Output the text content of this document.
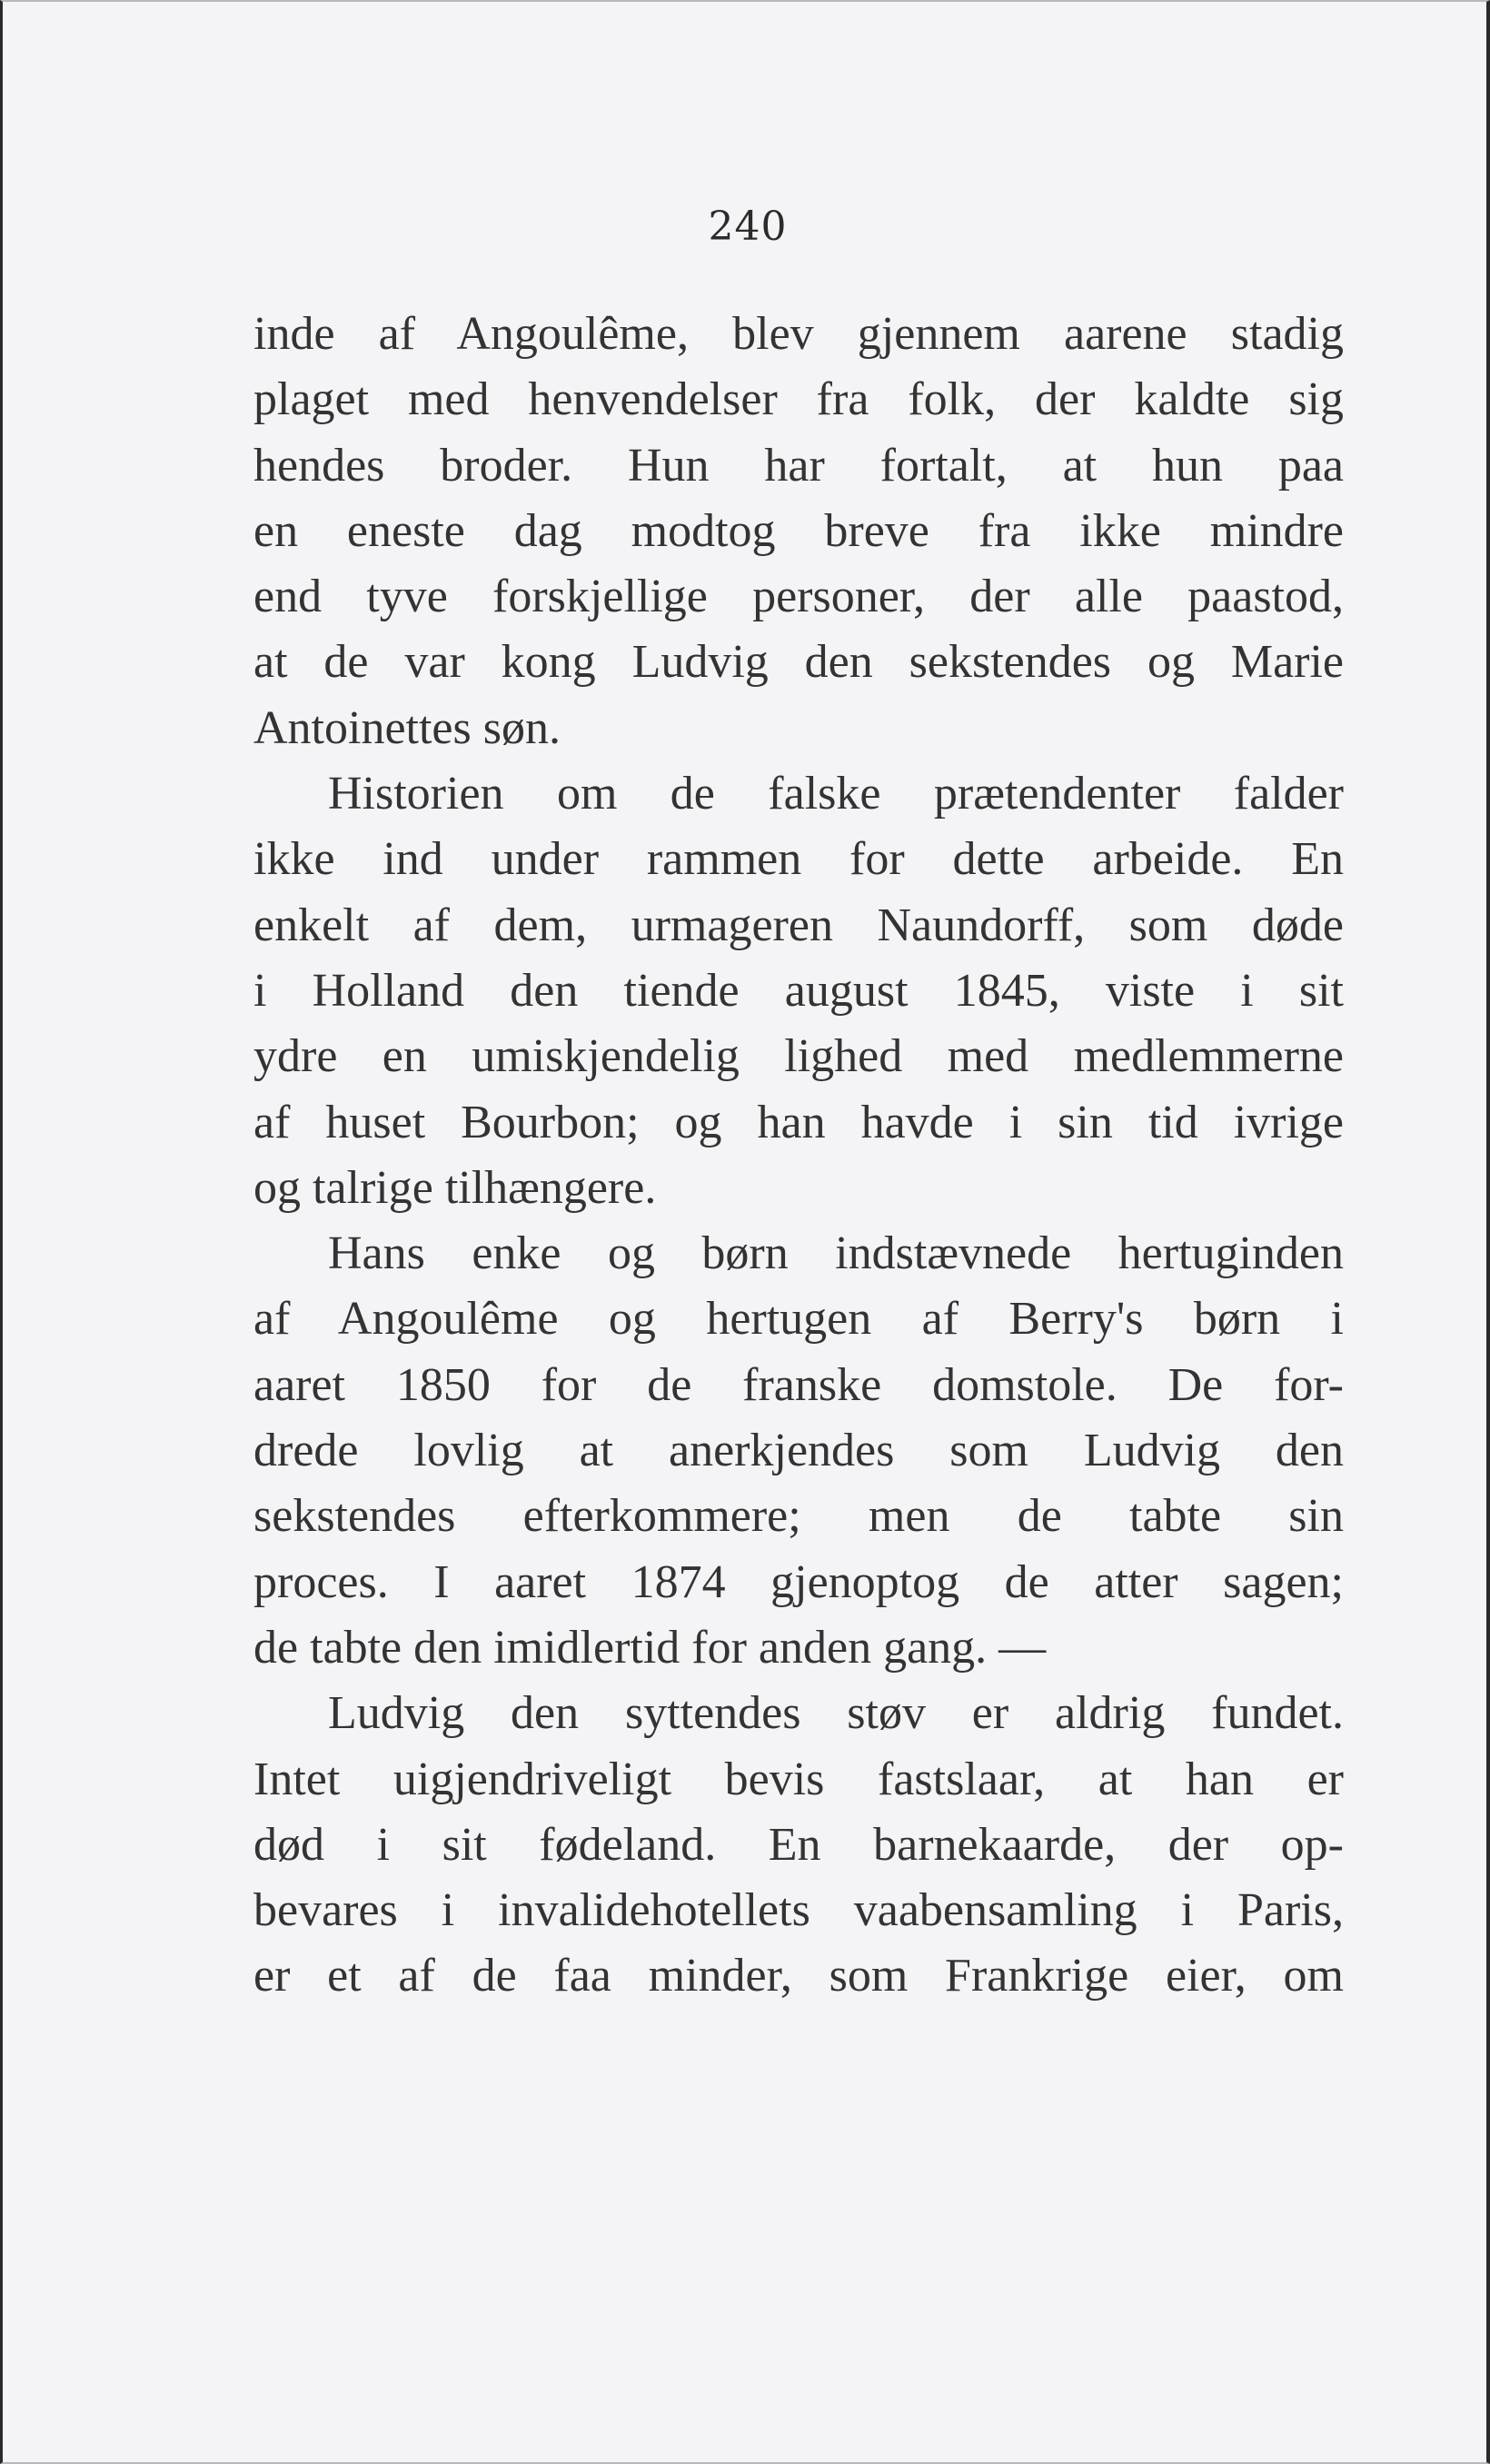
240

inde af Angoulême, blev gjennem aarene stadig
plaget med henvendelser fra folk, der kaldte sig
hendes broder. Hun har fortalt, at hun paa
en eneste dag modtog breve fra ikke mindre
end tyve forskjellige personer, der alle paastod,
at de var kong Ludvig den sekstendes og Marie
Antoinettes søn.

Historien om de falske prætendenter falder
ikke ind under rammen for dette arbeide. En
enkelt af dem, urmageren Naundorff, som døde
i Holland den tiende august 1845, viste i sit
ydre en umiskjendelig lighed med medlemmerne
af huset Bourbon; og han havde i sin tid ivrige
og talrige tilhængere.

Hans enke og børn indstævnede hertuginden
af Angoulême og hertugen af Berry's børn i
aaret 1850 for de franske domstole. De for-
drede lovlig at anerkjendes som Ludvig den
sekstendes efterkommere; men de tabte sin
proces. I aaret 1874 gjenoptog de atter sagen;
de tabte den imidlertid for anden gang. —

Ludvig den syttendes støv er aldrig fundet.
Intet uigjendriveligt bevis fastslaar, at han er
død i sit fødeland. En barnekaarde, der op-
bevares i invalidehotellets vaabensamling i Paris,
er et af de faa minder, som Frankrige eier, om
